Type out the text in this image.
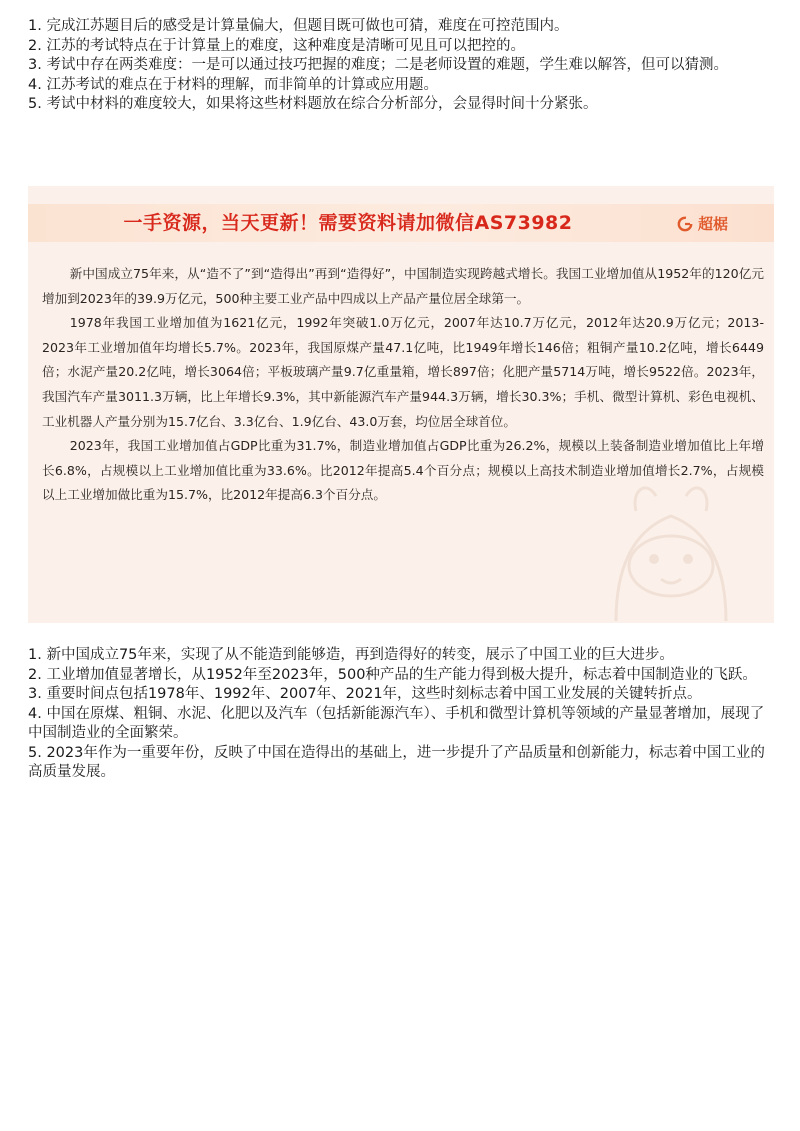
1. 完成江苏题目后的感受是计算量偏大，但题目既可做也可猜，难度在可控范围内。
2. 江苏的考试特点在于计算量上的难度，这种难度是清晰可见且可以把控的。
3. 考试中存在两类难度：一是可以通过技巧把握的难度；二是老师设置的难题，学生难以解答，但可以猜测。
4. 江苏考试的难点在于材料的理解，而非简单的计算或应用题。
5. 考试中材料的难度较大，如果将这些材料题放在综合分析部分，会显得时间十分紧张。
一手资源，当天更新！需要资料请加微信AS73982	超椐

新中国成立75年来，从“造不了”到“造得出”再到“造得好”，中国制造实现跨越式增长。我国工业增加值从1952年的120亿元增加到2023年的39.9万亿元，500种主要工业产品中四成以上产品产量位居全球第一。

1978年我国工业增加值为1621亿元，1992年突破1.0万亿元，2007年达10.7万亿元，2012年达20.9万亿元；2013-2023年工业增加值年均增长5.7%。2023年，我国原煤产量47.1亿吨，比1949年增长146倍；粗铜产量10.2亿吨，增长6449倍；水泥产量20.2亿吨，增长3064倍；平板玻璃产量9.7亿重量箱，增长897倍；化肥产量5714万吨，增长9522倍。2023年，我国汽车产量3011.3万辆，比上年增长9.3%，其中新能源汽车产量944.3万辆，增长30.3%；手机、微型计算机、彩色电视机、工业机器人产量分别为15.7亿台、3.3亿台、1.9亿台、43.0万套，均位居全球首位。

2023年，我国工业增加值占GDP比重为31.7%，制造业增加值占GDP比重为26.2%，规模以上装备制造业增加值比上年增长6.8%，占规模以上工业增加值比重为33.6%。比2012年提高5.4个百分点；规模以上高技术制造业增加值增长2.7%，占规模以上工业增加做比重为15.7%，比2012年提高6.3个百分点。

1. 新中国成立75年来，实现了从不能造到能够造，再到造得好的转变，展示了中国工业的巨大进步。
2. 工业增加值显著增长，从1952年至2023年，500种产品的生产能力得到极大提升，标志着中国制造业的飞跃。
3. 重要时间点包括1978年、1992年、2007年、2021年，这些时刻标志着中国工业发展的关键转折点。
4. 中国在原煤、粗铜、水泥、化肥以及汽车（包括新能源汽车）、手机和微型计算机等领域的产量显著增加，展现了中国制造业的全面繁荣。
5. 2023年作为一重要年份，反映了中国在造得出的基础上，进一步提升了产品质量和创新能力，标志着中国工业的高质量发展。
